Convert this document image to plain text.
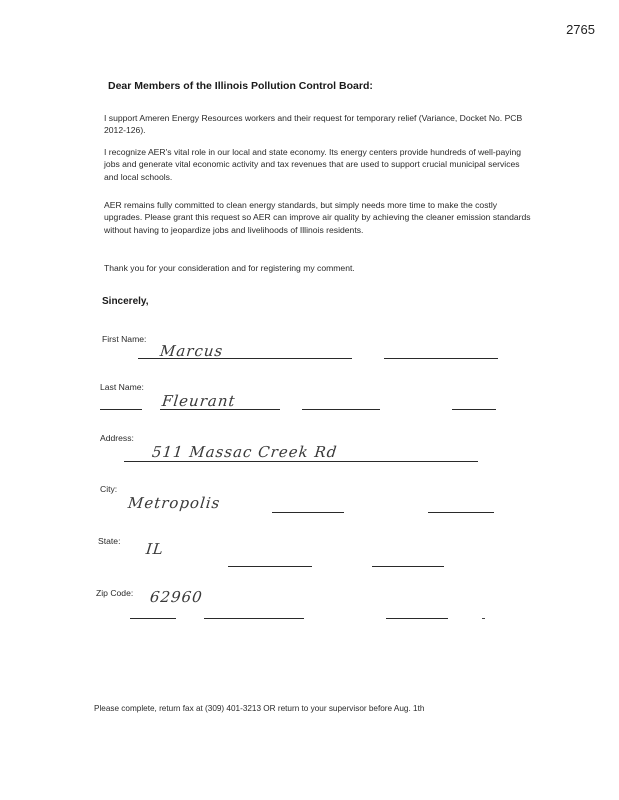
2765
Dear Members of the Illinois Pollution Control Board:

I support Ameren Energy Resources workers and their request for temporary relief (Variance, Docket No. PCB 2012-126).

I recognize AER's vital role in our local and state economy. Its energy centers provide hundreds of well-paying jobs and generate vital economic activity and tax revenues that are used to support crucial municipal services and local schools.

AER remains fully committed to clean energy standards, but simply needs more time to make the costly upgrades. Please grant this request so AER can improve air quality by achieving the cleaner emission standards without having to jeopardize jobs and livelihoods of Illinois residents.

Thank you for your consideration and for registering my comment.

Sincerely,
First Name:
Marcus
Last Name:
Fleurant
Address:
511 Massac Creek Rd
City:
Metropolis
State: IL
Zip Code: 62960
Please complete, return fax at (309) 401-3213 OR return to your supervisor before Aug. 1th
